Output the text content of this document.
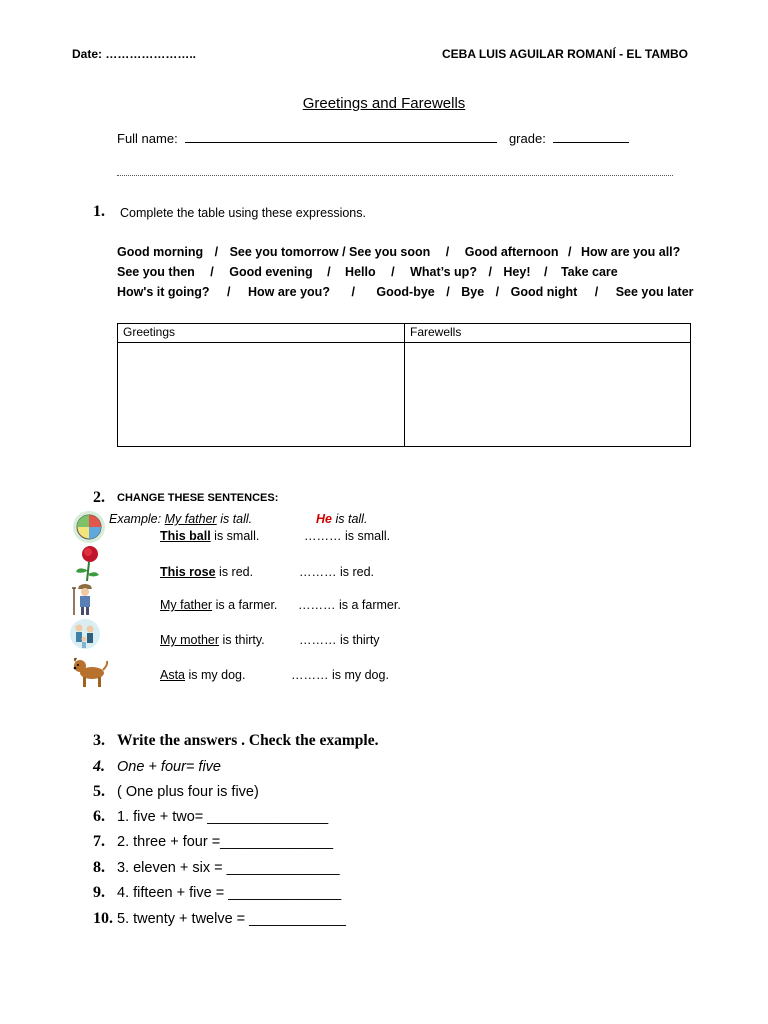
Date: …………………..	CEBA LUIS AGUILAR ROMANÍ - EL TAMBO
Greetings and Farewells
Full name:	grade:
1. Complete the table using these expressions.
Good morning / See you tomorrow / See you soon / Good afternoon / How are you all?
See you then / Good evening / Hello / What’s up? / Hey! / Take care
How's it going? / How are you? / Good-bye / Bye / Good night / See you later
Greetings	Farewells

2. CHANGE THESE SENTENCES:
Example: My father is tall.	He is tall.
This ball is small.	……… is small.
This rose is red.	……… is red.
My father is a farmer. ……… is a farmer.
My mother is thirty.	……… is thirty
Asta is my dog.	……… is my dog.
3. Write the answers . Check the example.
4. One + four= five
5. ( One plus four is five)
6. 1. five + two= _______________
7. 2. three + four =______________
8. 3. eleven + six = ______________
9. 4. fifteen + five = ______________
10. 5. twenty + twelve = ____________
